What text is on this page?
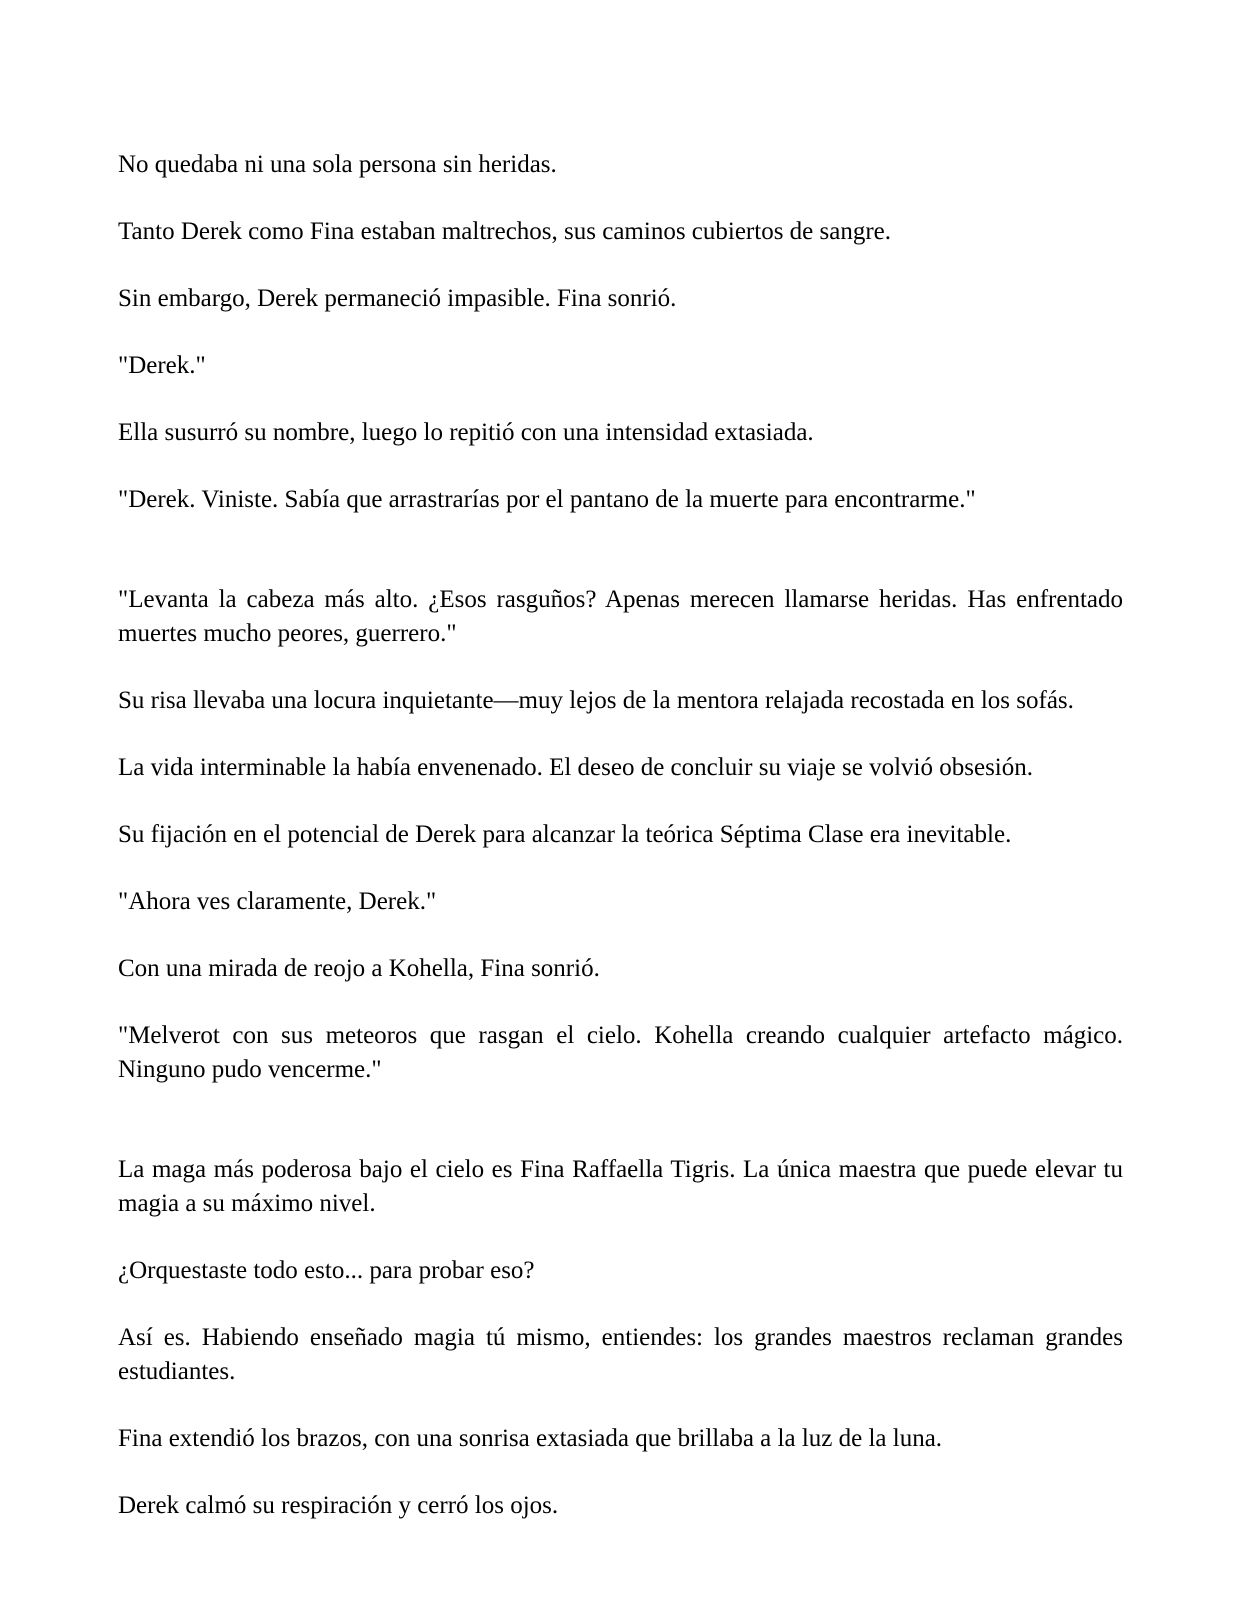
No quedaba ni una sola persona sin heridas.

Tanto Derek como Fina estaban maltrechos, sus caminos cubiertos de sangre.

Sin embargo, Derek permaneció impasible. Fina sonrió.

"Derek."

Ella susurró su nombre, luego lo repitió con una intensidad extasiada.

"Derek. Viniste. Sabía que arrastrarías por el pantano de la muerte para encontrarme."

"Levanta la cabeza más alto. ¿Esos rasguños? Apenas merecen llamarse heridas. Has enfrentado muertes mucho peores, guerrero."

Su risa llevaba una locura inquietante—muy lejos de la mentora relajada recostada en los sofás.

La vida interminable la había envenenado. El deseo de concluir su viaje se volvió obsesión.

Su fijación en el potencial de Derek para alcanzar la teórica Séptima Clase era inevitable.

"Ahora ves claramente, Derek."

Con una mirada de reojo a Kohella, Fina sonrió.

"Melverot con sus meteoros que rasgan el cielo. Kohella creando cualquier artefacto mágico. Ninguno pudo vencerme."

La maga más poderosa bajo el cielo es Fina Raffaella Tigris. La única maestra que puede elevar tu magia a su máximo nivel.

¿Orquestaste todo esto... para probar eso?

Así es. Habiendo enseñado magia tú mismo, entiendes: los grandes maestros reclaman grandes estudiantes.

Fina extendió los brazos, con una sonrisa extasiada que brillaba a la luz de la luna.

Derek calmó su respiración y cerró los ojos.
